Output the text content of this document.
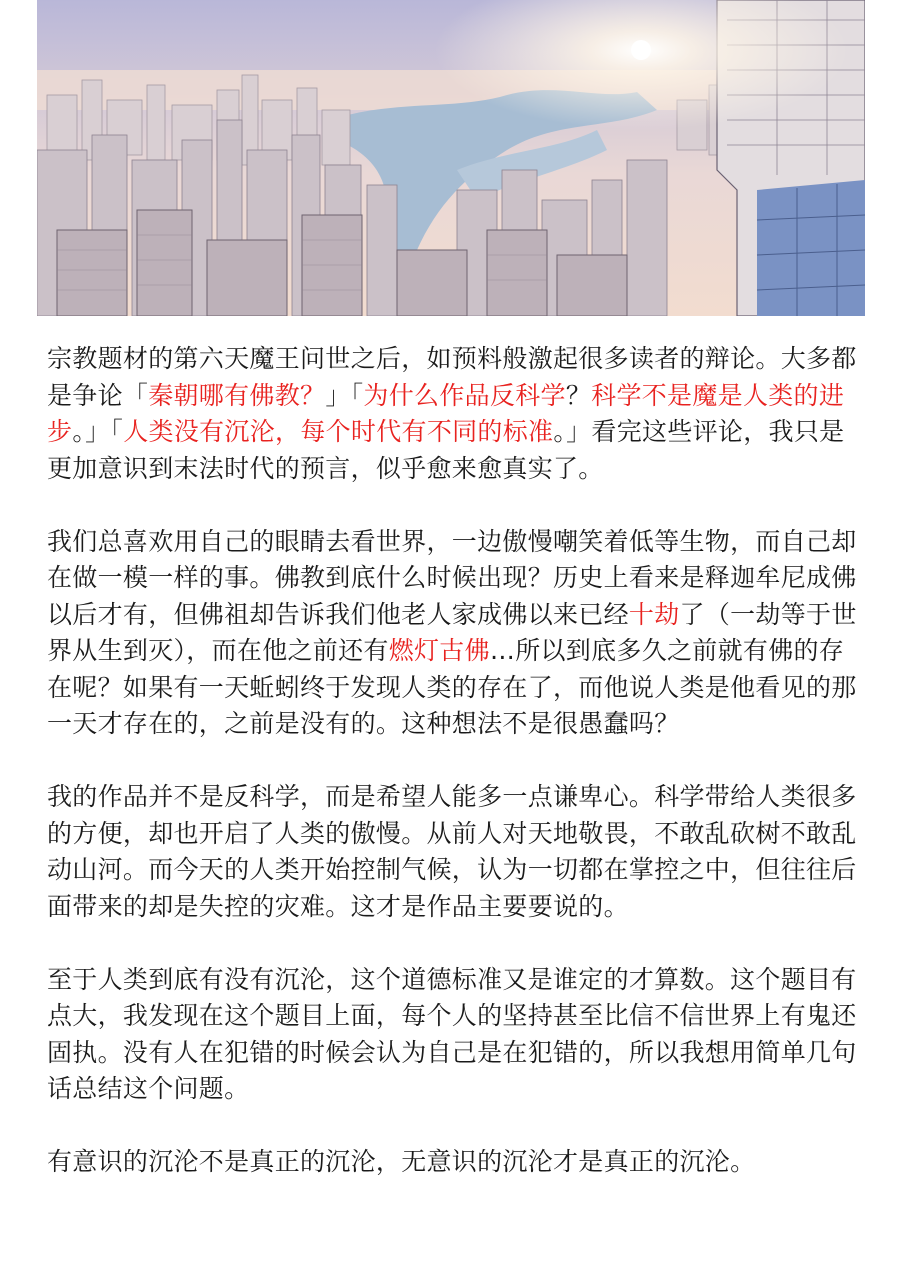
宗教题材的第六天魔王问世之后，如预料般激起很多读者的辩论。大多都是争论「秦朝哪有佛教？」「为什么作品反科学？科学不是魔是人类的进步。」「人类没有沉沦，每个时代有不同的标准。」看完这些评论，我只是更加意识到末法时代的预言，似乎愈来愈真实了。

我们总喜欢用自己的眼睛去看世界，一边傲慢嘲笑着低等生物，而自己却在做一模一样的事。佛教到底什么时候出现？历史上看来是释迦牟尼成佛以后才有，但佛祖却告诉我们他老人家成佛以来已经十劫了（一劫等于世界从生到灭），而在他之前还有燃灯古佛…所以到底多久之前就有佛的存在呢？如果有一天蚯蚓终于发现人类的存在了，而他说人类是他看见的那一天才存在的，之前是没有的。这种想法不是很愚蠢吗？

我的作品并不是反科学，而是希望人能多一点谦卑心。科学带给人类很多的方便，却也开启了人类的傲慢。从前人对天地敬畏，不敢乱砍树不敢乱动山河。而今天的人类开始控制气候，认为一切都在掌控之中，但往往后面带来的却是失控的灾难。这才是作品主要要说的。

至于人类到底有没有沉沦，这个道德标准又是谁定的才算数。这个题目有点大，我发现在这个题目上面，每个人的坚持甚至比信不信世界上有鬼还固执。没有人在犯错的时候会认为自己是在犯错的，所以我想用简单几句话总结这个问题。

有意识的沉沦不是真正的沉沦，无意识的沉沦才是真正的沉沦。
